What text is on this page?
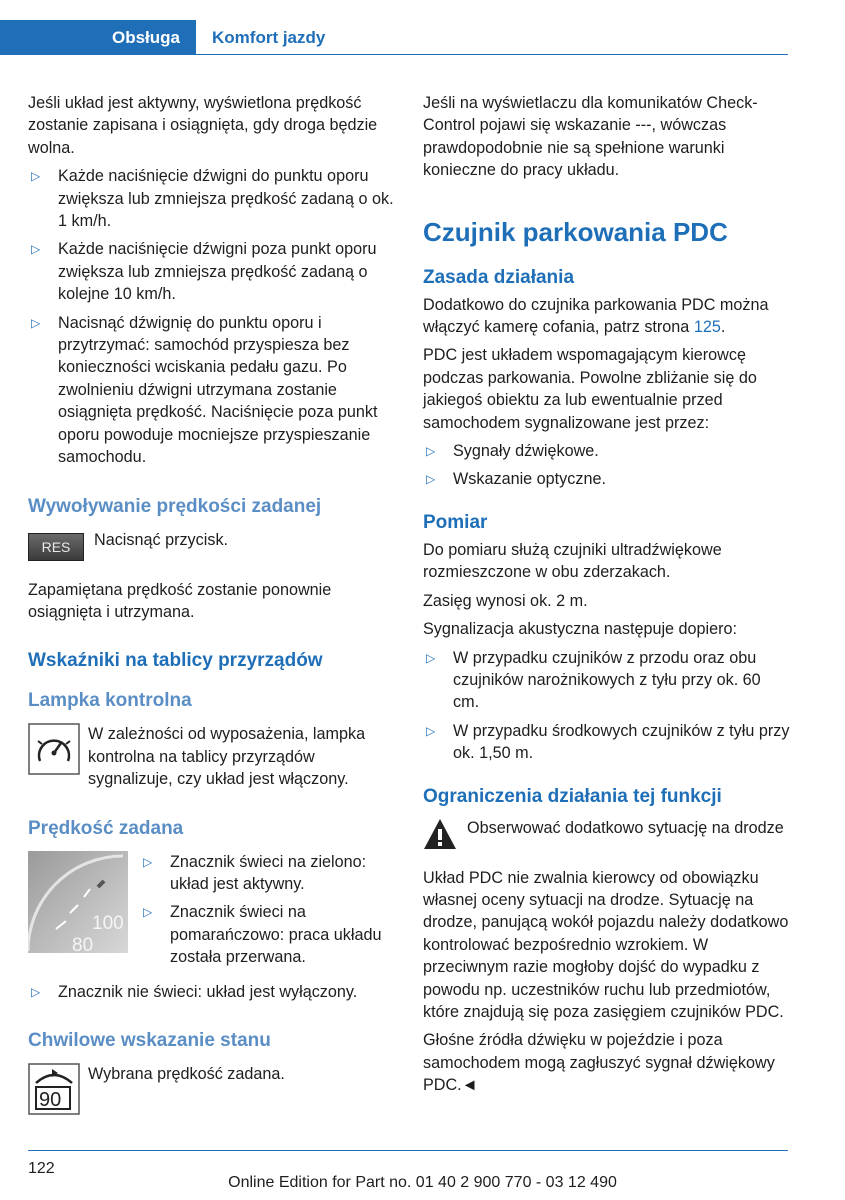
Obsługa	Komfort jazdy

Jeśli układ jest aktywny, wyświetlona prędkość zostanie zapisana i osiągnięta, gdy droga będzie wolna.

▷ Każde naciśnięcie dźwigni do punktu oporu zwiększa lub zmniejsza prędkość zadaną o ok. 1 km/h.
▷ Każde naciśnięcie dźwigni poza punkt oporu zwiększa lub zmniejsza prędkość zadaną o kolejne 10 km/h.
▷ Nacisnąć dźwignię do punktu oporu i przytrzymać: samochód przyspiesza bez konieczności wciskania pedału gazu. Po zwolnieniu dźwigni utrzymana zostanie osiągnięta prędkość. Naciśnięcie poza punkt oporu powoduje mocniejsze przyspieszanie samochodu.
Wywoływanie prędkości zadanej
RES	Nacisnąć przycisk.

Zapamiętana prędkość zostanie ponownie osiągnięta i utrzymana.

Wskaźniki na tablicy przyrządów
Lampka kontrolna
W zależności od wyposażenia, lampka kontrolna na tablicy przyrządów sygnalizuje, czy układ jest włączony.
Prędkość zadana
100
80
▷ Znacznik świeci na zielono: układ jest aktywny.
▷ Znacznik świeci na pomarańczowo: praca układu została przerwana.
▷ Znacznik nie świeci: układ jest wyłączony.
Chwilowe wskazanie stanu
90
Wybrana prędkość zadana.

Jeśli na wyświetlaczu dla komunikatów Check-Control pojawi się wskazanie ---, wówczas prawdopodobnie nie są spełnione warunki konieczne do pracy układu.

Czujnik parkowania PDC
Zasada działania

Dodatkowo do czujnika parkowania PDC można włączyć kamerę cofania, patrz strona 125.

PDC jest układem wspomagającym kierowcę podczas parkowania. Powolne zbliżanie się do jakiegoś obiektu za lub ewentualnie przed samochodem sygnalizowane jest przez:

▷ Sygnały dźwiękowe.
▷ Wskazanie optyczne.
Pomiar

Do pomiaru służą czujniki ultradźwiękowe rozmieszczone w obu zderzakach.

Zasięg wynosi ok. 2 m.

Sygnalizacja akustyczna następuje dopiero:

▷ W przypadku czujników z przodu oraz obu czujników narożnikowych z tyłu przy ok. 60 cm.
▷ W przypadku środkowych czujników z tyłu przy ok. 1,50 m.
Ograniczenia działania tej funkcji
Obserwować dodatkowo sytuację na drodze

Układ PDC nie zwalnia kierowcy od obowiązku własnej oceny sytuacji na drodze. Sytuację na drodze, panującą wokół pojazdu należy dodatkowo kontrolować bezpośrednio wzrokiem. W przeciwnym razie mogłoby dojść do wypadku z powodu np. uczestników ruchu lub przedmiotów, które znajdują się poza zasięgiem czujników PDC.

Głośne źródła dźwięku w pojeździe i poza samochodem mogą zagłuszyć sygnał dźwiękowy PDC.◄

122
Online Edition for Part no. 01 40 2 900 770 - 03 12 490
